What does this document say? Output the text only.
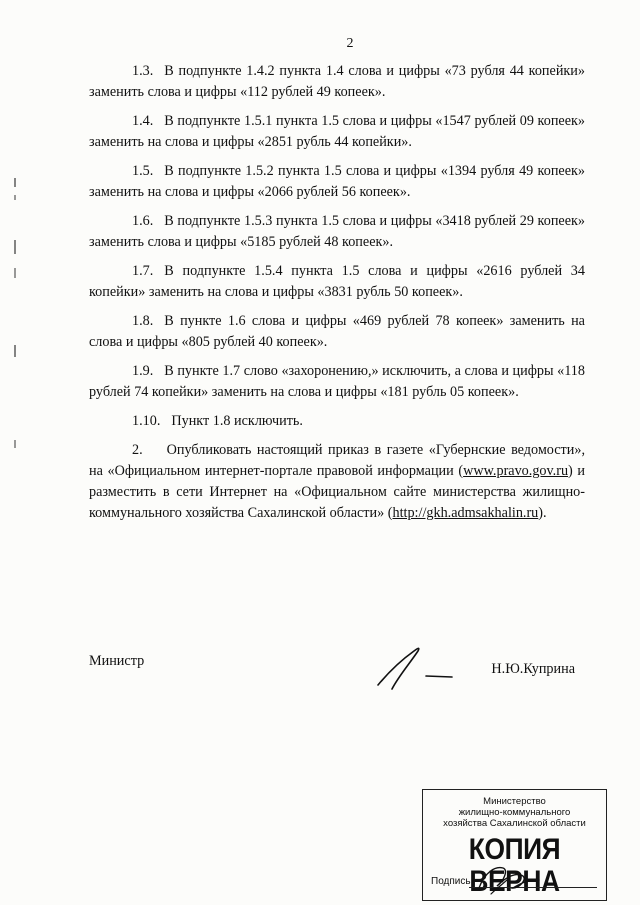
2

1.3. В подпункте 1.4.2 пункта 1.4 слова и цифры «73 рубля 44 копейки» заменить слова и цифры «112 рублей 49 копеек».

1.4. В подпункте 1.5.1 пункта 1.5 слова и цифры «1547 рублей 09 копеек» заменить на слова и цифры «2851 рубль 44 копейки».

1.5. В подпункте 1.5.2 пункта 1.5 слова и цифры «1394 рубля 49 копеек» заменить на слова и цифры «2066 рублей 56 копеек».

1.6. В подпункте 1.5.3 пункта 1.5 слова и цифры «3418 рублей 29 копеек» заменить слова и цифры «5185 рублей 48 копеек».

1.7. В подпункте 1.5.4 пункта 1.5 слова и цифры «2616 рублей 34 копейки» заменить на слова и цифры «3831 рубль 50 копеек».

1.8. В пункте 1.6 слова и цифры «469 рублей 78 копеек» заменить на слова и цифры «805 рублей 40 копеек».

1.9. В пункте 1.7 слово «захоронению,» исключить, а слова и цифры «118 рублей 74 копейки» заменить на слова и цифры «181 рубль 05 копеек».

1.10. Пункт 1.8 исключить.

2. Опубликовать настоящий приказ в газете «Губернские ведомости», на «Официальном интернет-портале правовой информации (www.pravo.gov.ru) и разместить в сети Интернет на «Официальном сайте министерства жилищно-коммунального хозяйства Сахалинской области» (http://gkh.admsakhalin.ru).

Министр	Н.Ю.Куприна
Министерство
жилищно-коммунального
хозяйства Сахалинской области
КОПИЯ ВЕРНА
Подпись
